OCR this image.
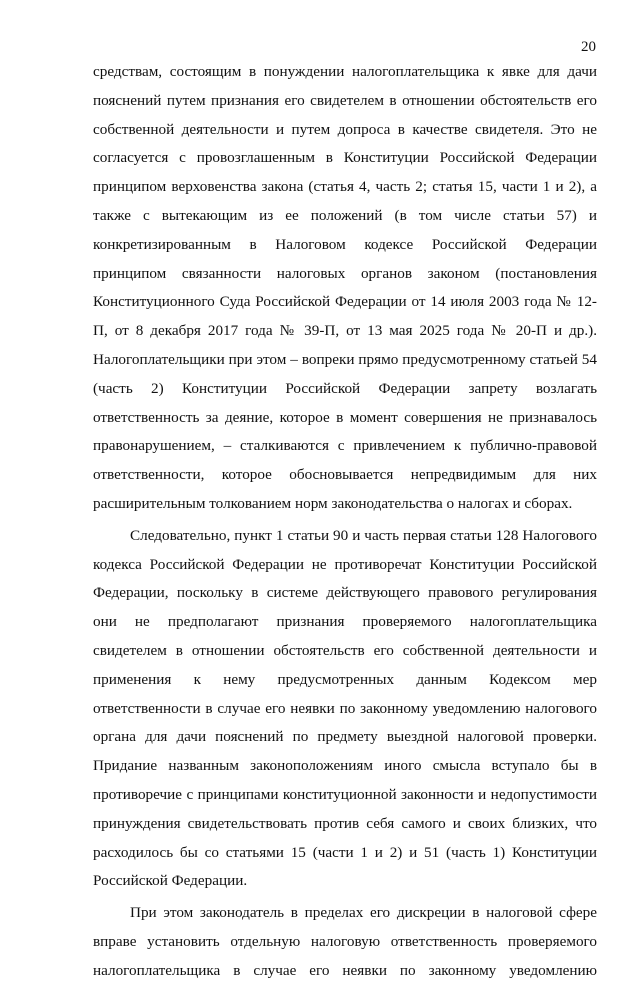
20

средствам, состоящим в понуждении налогоплательщика к явке для дачи пояснений путем признания его свидетелем в отношении обстоятельств его собственной деятельности и путем допроса в качестве свидетеля. Это не согласуется с провозглашенным в Конституции Российской Федерации принципом верховенства закона (статья 4, часть 2; статья 15, части 1 и 2), а также с вытекающим из ее положений (в том числе статьи 57) и конкретизированным в Налоговом кодексе Российской Федерации принципом связанности налоговых органов законом (постановления Конституционного Суда Российской Федерации от 14 июля 2003 года № 12-П, от 8 декабря 2017 года № 39-П, от 13 мая 2025 года № 20-П и др.). Налогоплательщики при этом – вопреки прямо предусмотренному статьей 54 (часть 2) Конституции Российской Федерации запрету возлагать ответственность за деяние, которое в момент совершения не признавалось правонарушением, – сталкиваются с привлечением к публично-правовой ответственности, которое обосновывается непредвидимым для них расширительным толкованием норм законодательства о налогах и сборах.

Следовательно, пункт 1 статьи 90 и часть первая статьи 128 Налогового кодекса Российской Федерации не противоречат Конституции Российской Федерации, поскольку в системе действующего правового регулирования они не предполагают признания проверяемого налогоплательщика свидетелем в отношении обстоятельств его собственной деятельности и применения к нему предусмотренных данным Кодексом мер ответственности в случае его неявки по законному уведомлению налогового органа для дачи пояснений по предмету выездной налоговой проверки. Придание названным законоположениям иного смысла вступало бы в противоречие с принципами конституционной законности и недопустимости принуждения свидетельствовать против себя самого и своих близких, что расходилось бы со статьями 15 (части 1 и 2) и 51 (часть 1) Конституции Российской Федерации.

При этом законодатель в пределах его дискреции в налоговой сфере вправе установить отдельную налоговую ответственность проверяемого налогоплательщика в случае его неявки по законному уведомлению
